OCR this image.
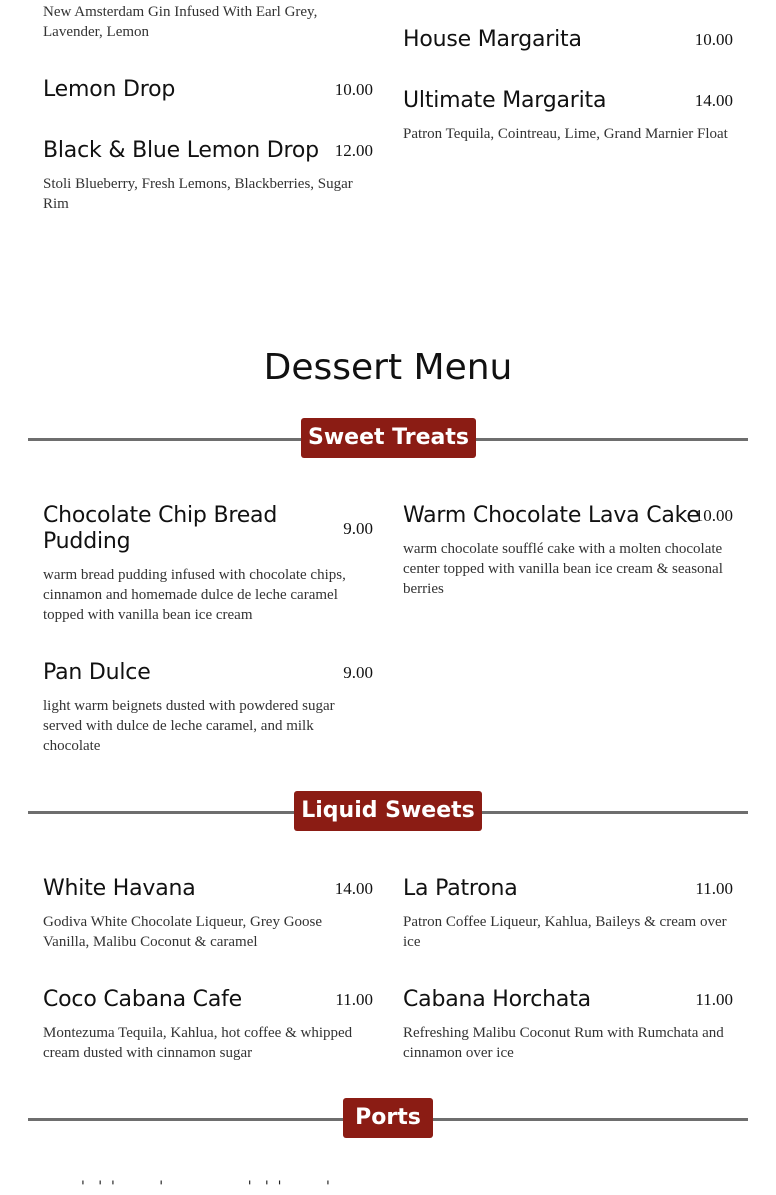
New Amsterdam Gin Infused With Earl Grey, Lavender, Lemon
Lemon Drop	10.00
Black & Blue Lemon Drop 12.00
Stoli Blueberry, Fresh Lemons, Blackberries, Sugar Rim
House Margarita	10.00
Ultimate Margarita	14.00
Patron Tequila, Cointreau, Lime, Grand Marnier Float
Dessert Menu
Sweet Treats
Chocolate Chip Bread Pudding
9.00
warm bread pudding infused with chocolate chips, cinnamon and homemade dulce de leche caramel topped with vanilla bean ice cream
Warm Chocolate Lava Cake
10.00
warm chocolate soufflé cake with a molten chocolate center topped with vanilla bean ice cream & seasonal berries
Pan Dulce	9.00
light warm beignets dusted with powdered sugar served with dulce de leche caramel, and milk chocolate
Liquid Sweets
White Havana	14.00
Godiva White Chocolate Liqueur, Grey Goose Vanilla, Malibu Coconut & caramel
La Patrona	11.00
Patron Coffee Liqueur, Kahlua, Baileys & cream over ice
Coco Cabana Cafe	11.00
Montezuma Tequila, Kahlua, hot coffee & whipped cream dusted with cinnamon sugar
Cabana Horchata	11.00
Refreshing Malibu Coconut Rum with Rumchata and cinnamon over ice
Ports
'   '  '          '                   '   '  '          '
